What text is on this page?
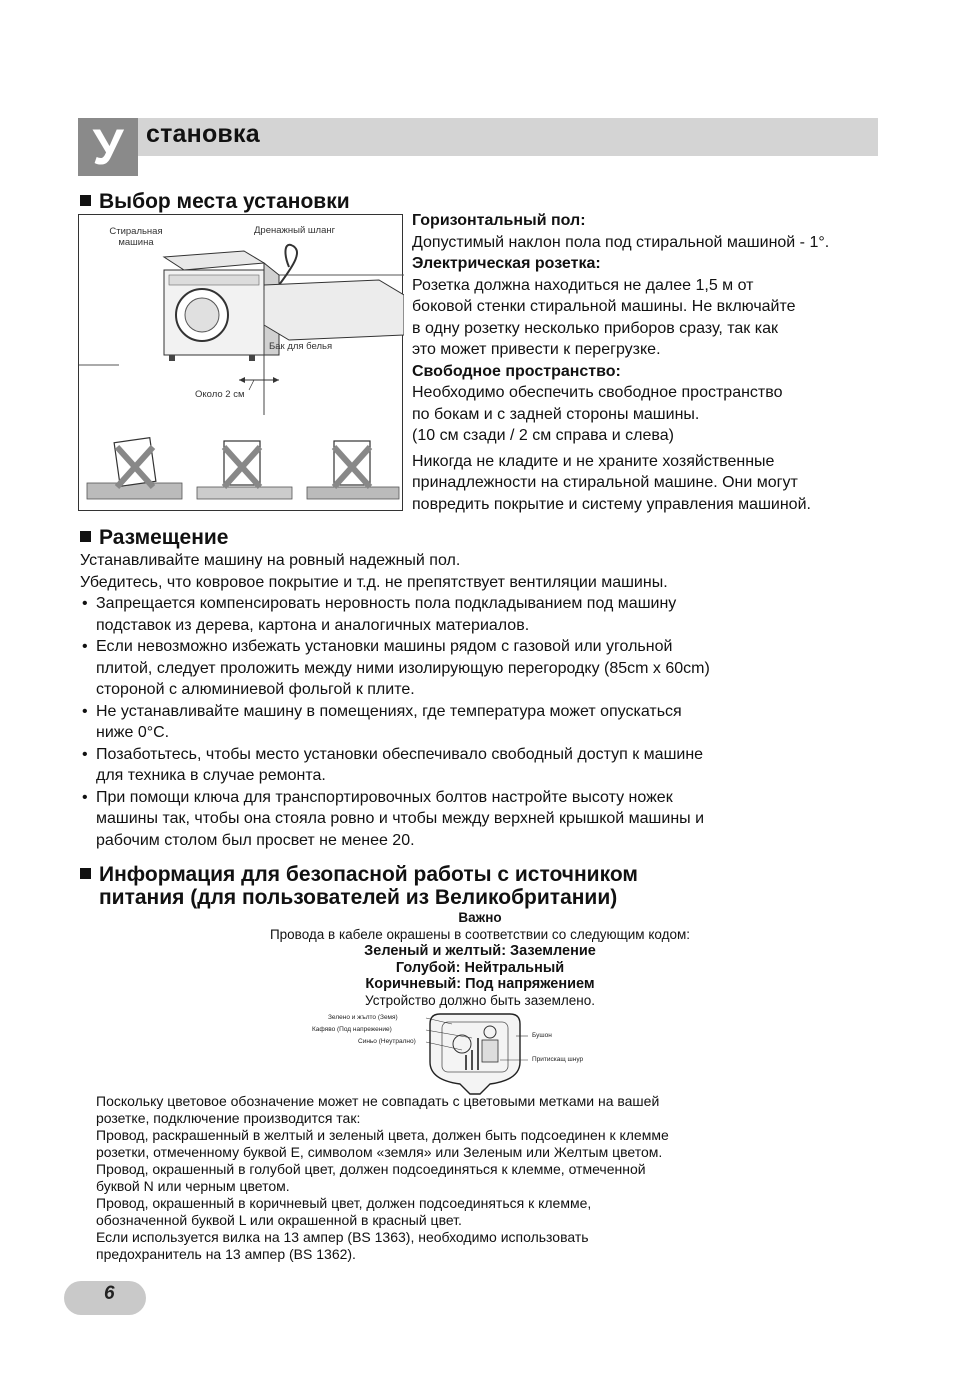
У становка
Выбор места установки
Стиральная машина
Дренажный шланг
Бак для белья
Около 2 см
Горизонтальный пол:
Допустимый наклон пола под стиральной машиной - 1°.
Электрическая розетка:
Розетка должна находиться не далее 1,5 м от
боковой стенки стиральной машины. Не включайте
в одну розетку несколько приборов сразу, так как
это может привести к перегрузке.
Свободное пространство:
Необходимо обеспечить свободное пространство
по бокам и с задней стороны машины.
(10 см сзади / 2 см справа и слева)
Никогда не кладите и не храните хозяйственные
принадлежности на стиральной машине. Они могут
повредить покрытие и систему управления машиной.
Размещение
Устанавливайте машину на ровный надежный пол.
Убедитесь, что ковровое покрытие и т.д. не препятствует вентиляции машины.
• Запрещается компенсировать неровность пола подкладыванием под машину
подставок из дерева, картона и аналогичных материалов.
• Если невозможно избежать установки машины рядом с газовой или угольной
плитой, следует проложить между ними изолирующую перегородку (85cm x 60cm)
стороной с алюминиевой фольгой к плите.
• Не устанавливайте машину в помещениях, где температура может опускаться
ниже 0°C.
• Позаботьтесь, чтобы место установки обеспечивало свободный доступ к машине
для техника в случае ремонта.
• При помощи ключа для транспортировочных болтов настройте высоту ножек
машины так, чтобы она стояла ровно и чтобы между верхней крышкой машины и
рабочим столом был просвет не менее 20.
Информация для безопасной работы с источником
питания (для пользователей из Великобритании)
Важно
Провода в кабеле окрашены в соответствии со следующим кодом:
Зеленый и желтый: Заземление
Голубой: Нейтральный
Коричневый: Под напряжением
Устройство должно быть заземлено.
Зелено и жълто (Земя)
Кафяво (Под напрежение)
Синьо (Неутрално)
Бушон
Притискащ шнур
Поскольку цветовое обозначение может не совпадать с цветовыми метками на вашей
розетке, подключение производится так:
Провод, раскрашенный в желтый и зеленый цвета, должен быть подсоединен к клемме
розетки, отмеченному буквой E, символом «земля» или Зеленым или Желтым цветом.
Провод, окрашенный в голубой цвет, должен подсоединяться к клемме, отмеченной
буквой N или черным цветом.
Провод, окрашенный в коричневый цвет, должен подсоединяться к клемме,
обозначенной буквой L или окрашенной в красный цвет.
Если используется вилка на 13 ампер (BS 1363), необходимо использовать
предохранитель на 13 ампер (BS 1362).
6
